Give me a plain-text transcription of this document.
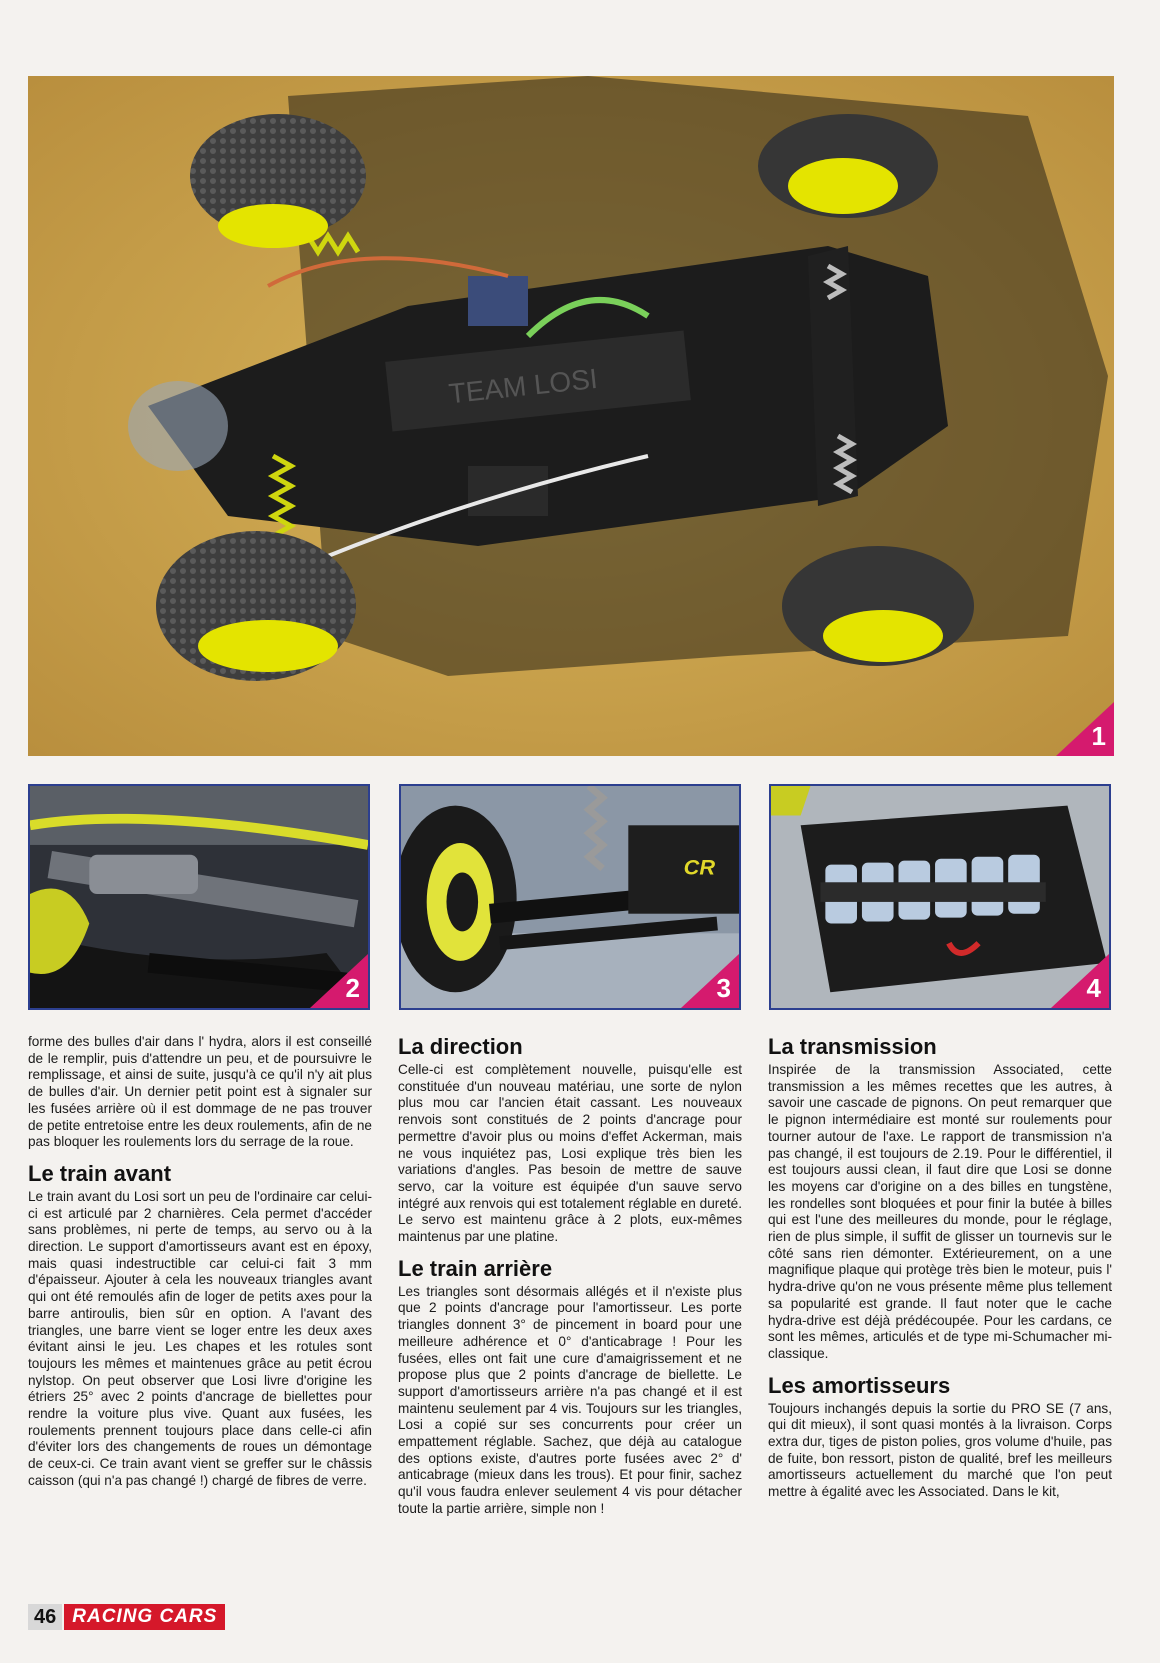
TEAM LOSI
1
2
CR
3	4

forme des bulles d'air dans l' hydra, alors il est conseillé de le remplir, puis d'attendre un peu, et de poursuivre le remplissage, et ainsi de suite, jusqu'à ce qu'il n'y ait plus de bulles d'air. Un dernier petit point est à signaler sur les fusées arrière où il est dommage de ne pas trouver de petite entretoise entre les deux roulements, afin de ne pas bloquer les roulements lors du serrage de la roue.

Le train avant

Le train avant du Losi sort un peu de l'ordinaire car celui-ci est articulé par 2 charnières. Cela permet d'accéder sans problèmes, ni perte de temps, au servo ou à la direction. Le support d'amortisseurs avant est en époxy, mais quasi indestructible car celui-ci fait 3 mm d'épaisseur. Ajouter à cela les nouveaux triangles avant qui ont été remoulés afin de loger de petits axes pour la barre antiroulis, bien sûr en option. A l'avant des triangles, une barre vient se loger entre les deux axes évitant ainsi le jeu. Les chapes et les rotules sont toujours les mêmes et maintenues grâce au petit écrou nylstop. On peut observer que Losi livre d'origine les étriers 25° avec 2 points d'ancrage de biellettes pour rendre la voiture plus vive. Quant aux fusées, les roulements prennent toujours place dans celle-ci afin d'éviter lors des changements de roues un démontage de ceux-ci. Ce train avant vient se greffer sur le châssis caisson (qui n'a pas changé !) chargé de fibres de verre.

La direction

Celle-ci est complètement nouvelle, puisqu'elle est constituée d'un nouveau matériau, une sorte de nylon plus mou car l'ancien était cassant. Les nouveaux renvois sont constitués de 2 points d'ancrage pour permettre d'avoir plus ou moins d'effet Ackerman, mais ne vous inquiétez pas, Losi explique très bien les variations d'angles. Pas besoin de mettre de sauve servo, car la voiture est équipée d'un sauve servo intégré aux renvois qui est totalement réglable en dureté. Le servo est maintenu grâce à 2 plots, eux-mêmes maintenus par une platine.

Le train arrière

Les triangles sont désormais allégés et il n'existe plus que 2 points d'ancrage pour l'amortisseur. Les porte triangles donnent 3° de pincement in board pour une meilleure adhérence et 0° d'anticabrage ! Pour les fusées, elles ont fait une cure d'amaigrissement et ne propose plus que 2 points d'ancrage de biellette. Le support d'amortisseurs arrière n'a pas changé et il est maintenu seulement par 4 vis. Toujours sur les triangles, Losi a copié sur ses concurrents pour créer un empattement réglable. Sachez, que déjà au catalogue des options existe, d'autres porte fusées avec 2° d' anticabrage (mieux dans les trous). Et pour finir, sachez qu'il vous faudra enlever seulement 4 vis pour détacher toute la partie arrière, simple non !

La transmission

Inspirée de la transmission Associated, cette transmission a les mêmes recettes que les autres, à savoir une cascade de pignons. On peut remarquer que le pignon intermédiaire est monté sur roulements pour tourner autour de l'axe. Le rapport de transmission n'a pas changé, il est toujours de 2.19. Pour le différentiel, il est toujours aussi clean, il faut dire que Losi se donne les moyens car d'origine on a des billes en tungstène, les rondelles sont bloquées et pour finir la butée à billes qui est l'une des meilleures du monde, pour le réglage, rien de plus simple, il suffit de glisser un tournevis sur le côté sans rien démonter. Extérieurement, on a une magnifique plaque qui protège très bien le moteur, puis l' hydra-drive qu'on ne vous présente même plus tellement sa popularité est grande. Il faut noter que le cache hydra-drive est déjà prédécoupée. Pour les cardans, ce sont les mêmes, articulés et de type mi-Schumacher mi-classique.

Les amortisseurs

Toujours inchangés depuis la sortie du PRO SE (7 ans, qui dit mieux), il sont quasi montés à la livraison. Corps extra dur, tiges de piston polies, gros volume d'huile, pas de fuite, bon ressort, piston de qualité, bref les meilleurs amortisseurs actuellement du marché que l'on peut mettre à égalité avec les Associated. Dans le kit,

46 RACING CARS
